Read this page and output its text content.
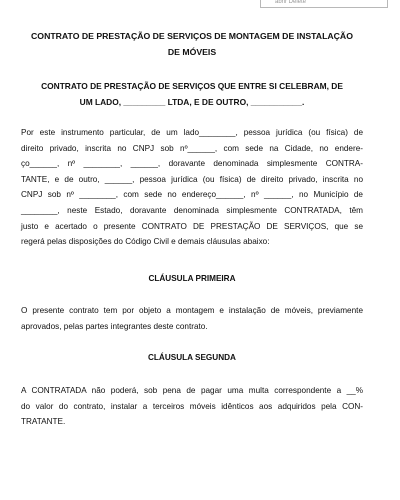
abrir Delete
CONTRATO DE PRESTAÇÃO DE SERVIÇOS DE MONTAGEM DE INSTALAÇÃO
DE MÓVEIS
CONTRATO DE PRESTAÇÃO DE SERVIÇOS QUE ENTRE SI CELEBRAM, DE
UM LADO, _________ LTDA, E DE OUTRO, ___________.
Por este instrumento particular, de um lado________, pessoa jurídica (ou física) de
direito privado, inscrita no CNPJ sob nº______, com sede na Cidade, no endere-
ço______, nº ________, ______, doravante denominada simplesmente CONTRA-
TANTE, e de outro, ______, pessoa jurídica (ou física) de direito privado, inscrita no
CNPJ sob nº ________, com sede no endereço______, nº ______, no Município de
________, neste Estado, doravante denominada simplesmente CONTRATADA, têm
justo e acertado o presente CONTRATO DE PRESTAÇÃO DE SERVIÇOS, que se
regerá pelas disposições do Código Civil e demais cláusulas abaixo:
CLÁUSULA PRIMEIRA
O presente contrato tem por objeto a montagem e instalação de móveis, previamente
aprovados, pelas partes integrantes deste contrato.
CLÁUSULA SEGUNDA
A CONTRATADA não poderá, sob pena de pagar uma multa correspondente a __%
do valor do contrato, instalar a terceiros móveis idênticos aos adquiridos pela CON-
TRATANTE.
